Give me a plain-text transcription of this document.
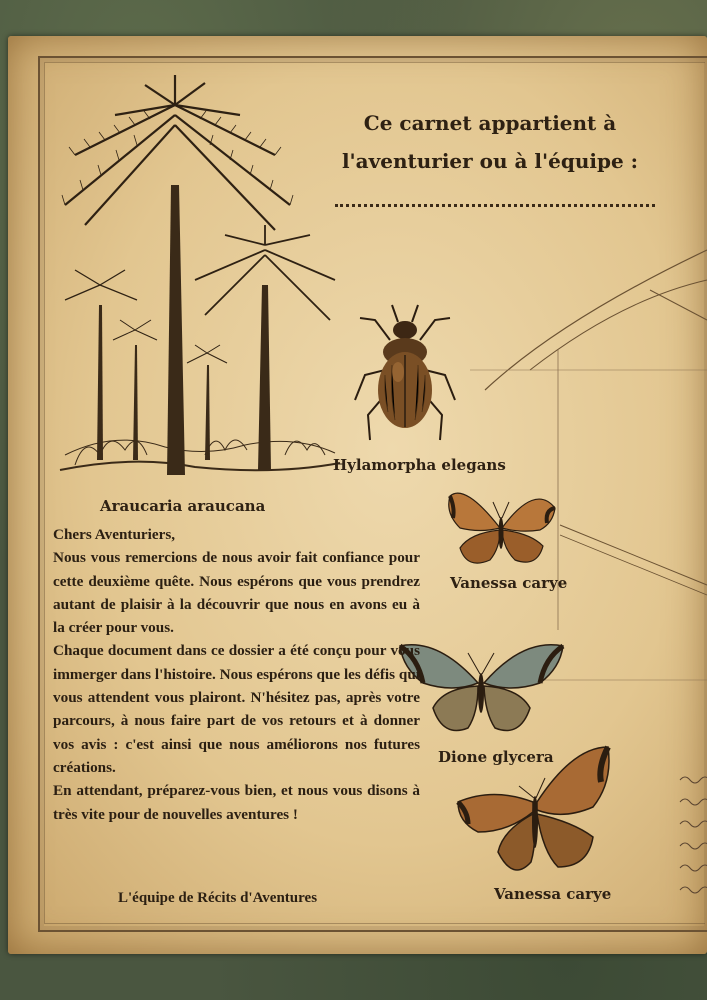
Ce carnet appartient à
l'aventurier ou à l'équipe :
Araucaria araucana
Hylamorpha elegans
Vanessa carye
Dione glycera
Vanessa carye

Chers Aventuriers,

Nous vous remercions de nous avoir fait confiance pour cette deuxième quête. Nous espérons que vous prendrez autant de plaisir à la découvrir que nous en avons eu à la créer pour vous.

Chaque document dans ce dossier a été conçu pour vous immerger dans l'histoire. Nous espérons que les défis qui vous attendent vous plairont. N'hésitez pas, après votre parcours, à nous faire part de vos retours et à donner vos avis : c'est ainsi que nous améliorons nos futures créations.

En attendant, préparez-vous bien, et nous vous disons à très vite pour de nouvelles aventures !

L'équipe de Récits d'Aventures
